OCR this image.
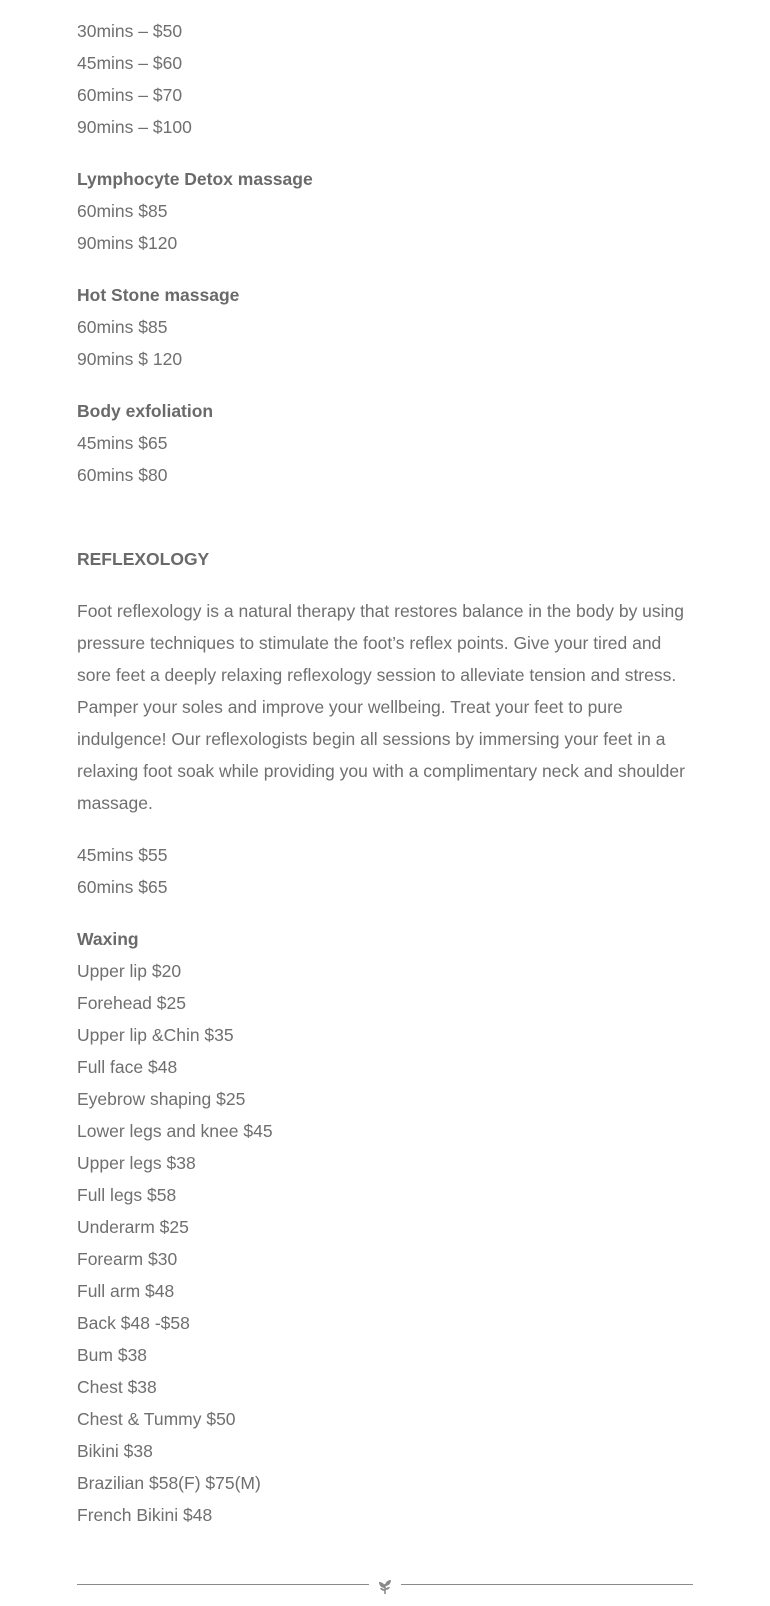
30mins – $50
45mins – $60
60mins – $70
90mins – $100
Lymphocyte Detox massage
60mins $85
90mins $120
Hot Stone massage
60mins $85
90mins $ 120
Body exfoliation
45mins $65
60mins $80
REFLEXOLOGY

Foot reflexology is a natural therapy that restores balance in the body by using pressure techniques to stimulate the foot’s reflex points. Give your tired and sore feet a deeply relaxing reflexology session to alleviate tension and stress. Pamper your soles and improve your wellbeing. Treat your feet to pure indulgence! Our reflexologists begin all sessions by immersing your feet in a relaxing foot soak while providing you with a complimentary neck and shoulder massage.

45mins $55
60mins $65
Waxing
Upper lip $20
Forehead $25
Upper lip &Chin $35
Full face $48
Eyebrow shaping $25
Lower legs and knee $45
Upper legs $38
Full legs $58
Underarm $25
Forearm $30
Full arm $48
Back $48 -$58
Bum $38
Chest $38
Chest & Tummy $50
Bikini $38
Brazilian $58(F) $75(M)
French Bikini $48
